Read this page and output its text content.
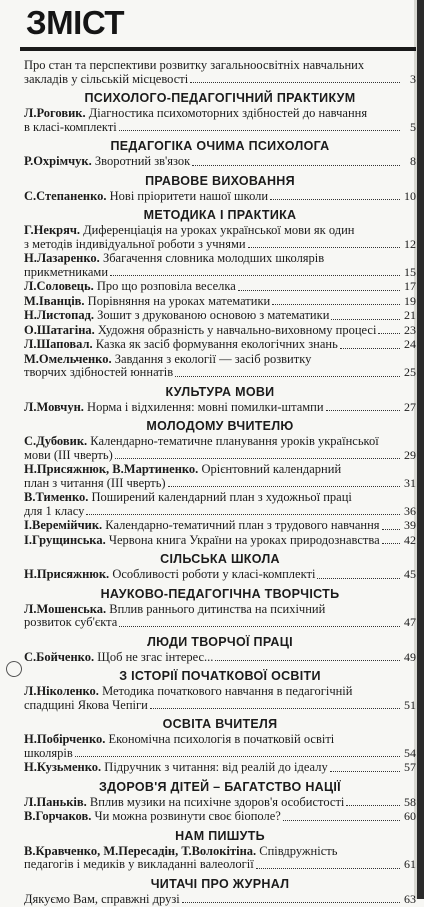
ЗМІСТ
Про стан та перспективи розвитку загальноосвітніх навчальних
закладів у сільській місцевості	3
ПСИХОЛОГО-ПЕДАГОГІЧНИЙ ПРАКТИКУМ
Л.Роговик. Діагностика психомоторних здібностей до навчання
в класі-комплекті	5
ПЕДАГОГІКА ОЧИМА ПСИХОЛОГА
Р.Охрімчук. Зворотний зв'язок	8
ПРАВОВЕ ВИХОВАННЯ
С.Степаненко. Нові пріоритети нашої школи	10
МЕТОДИКА І ПРАКТИКА
Г.Некряч. Диференціація на уроках української мови як один
з методів індивідуальної роботи з учнями	12
Н.Лазаренко. Збагачення словника молодших школярів
прикметниками	15
Л.Соловець. Про що розповіла веселка	17
М.Іванців. Порівняння на уроках математики	19
Н.Листопад. Зошит з друкованою основою з математики	21
О.Шатагіна. Художня образність у навчально-виховному процесі 23
Л.Шаповал. Казка як засіб формування екологічних знань	24
М.Омельченко. Завдання з екології — засіб розвитку
творчих здібностей юннатів	25
КУЛЬТУРА МОВИ
Л.Мовчун. Норма і відхилення: мовні помилки-штампи	27
МОЛОДОМУ ВЧИТЕЛЮ
С.Дубовик. Календарно-тематичне планування уроків української
мови (ІІІ чверть)	29
Н.Присяжнюк, В.Мартиненко. Орієнтовний календарний
план з читання (ІІІ чверть)	31
В.Тименко. Поширений календарний план з художньої праці
для 1 класу	36
І.Веремійчик. Календарно-тематичний план з трудового навчання 39
І.Грущинська. Червона книга України на уроках природознавства 42
СІЛЬСЬКА ШКОЛА
Н.Присяжнюк. Особливості роботи у класі-комплекті	45
НАУКОВО-ПЕДАГОГІЧНА ТВОРЧІСТЬ
Л.Мошенська. Вплив раннього дитинства на психічний
розвиток суб'єкта	47
ЛЮДИ ТВОРЧОЇ ПРАЦІ
С.Бойченко. Щоб не згас інтерес...	49
З ІСТОРІЇ ПОЧАТКОВОЇ ОСВІТИ
Л.Ніколенко. Методика початкового навчання в педагогічній
спадщині Якова Чепіги	51
ОСВІТА ВЧИТЕЛЯ
Н.Побірченко. Економічна психологія в початковій освіті
школярів	54
Н.Кузьменко. Підручник з читання: від реалій до ідеалу	57
ЗДОРОВ'Я ДІТЕЙ – БАГАТСТВО НАЦІЇ
Л.Паньків. Вплив музики на психічне здоров'я особистості	58
В.Горчаков. Чи можна розвинути своє біополе?	60
НАМ ПИШУТЬ
В.Кравченко, М.Пересадін, Т.Волокітіна. Співдружність
педагогів і медиків у викладанні валеології	61
ЧИТАЧІ ПРО ЖУРНАЛ
Дякуємо Вам, справжні друзі	63
